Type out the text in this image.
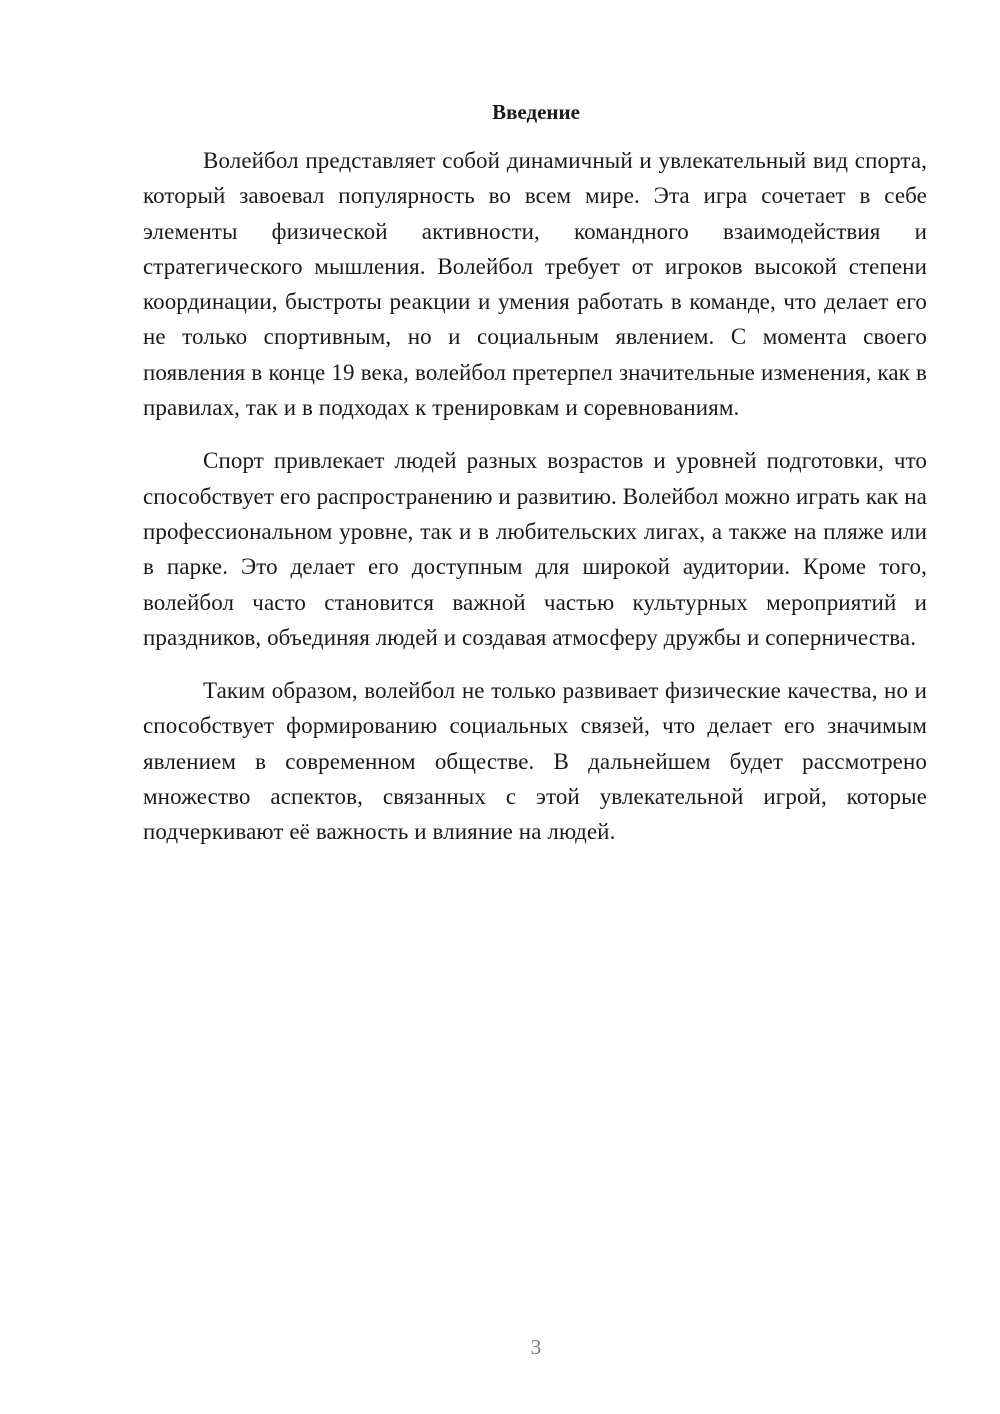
Введение

Волейбол представляет собой динамичный и увлекательный вид спорта, который завоевал популярность во всем мире. Эта игра сочетает в себе элементы физической активности, командного взаимодействия и стратегического мышления. Волейбол требует от игроков высокой степени координации, быстроты реакции и умения работать в команде, что делает его не только спортивным, но и социальным явлением. С момента своего появления в конце 19 века, волейбол претерпел значительные изменения, как в правилах, так и в подходах к тренировкам и соревнованиям.

Спорт привлекает людей разных возрастов и уровней подготовки, что способствует его распространению и развитию. Волейбол можно играть как на профессиональном уровне, так и в любительских лигах, а также на пляже или в парке. Это делает его доступным для широкой аудитории. Кроме того, волейбол часто становится важной частью культурных мероприятий и праздников, объединяя людей и создавая атмосферу дружбы и соперничества.

Таким образом, волейбол не только развивает физические качества, но и способствует формированию социальных связей, что делает его значимым явлением в современном обществе. В дальнейшем будет рассмотрено множество аспектов, связанных с этой увлекательной игрой, которые подчеркивают её важность и влияние на людей.

3
